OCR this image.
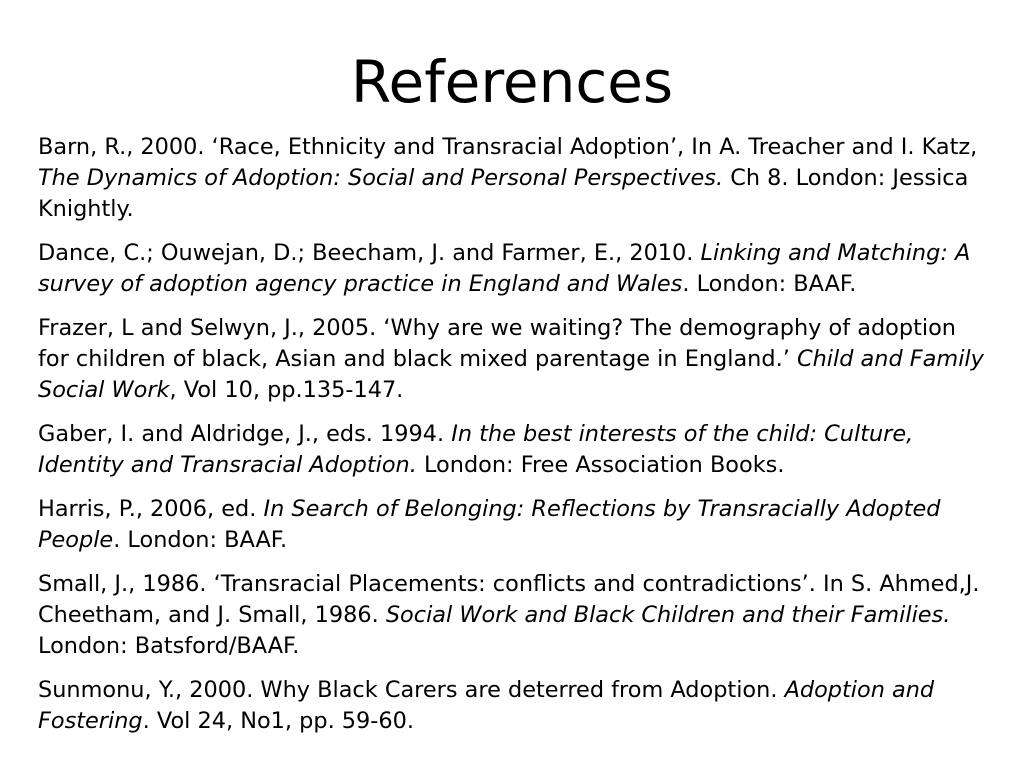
References

Barn, R., 2000. ‘Race, Ethnicity and Transracial Adoption’, In A. Treacher and I. Katz, The Dynamics of Adoption: Social and Personal Perspectives. Ch 8. London: Jessica Knightly.

Dance, C.; Ouwejan, D.; Beecham, J. and Farmer, E., 2010. Linking and Matching: A survey of adoption agency practice in England and Wales. London: BAAF.

Frazer, L and Selwyn, J., 2005. ‘Why are we waiting? The demography of adoption for children of black, Asian and black mixed parentage in England.’ Child and Family Social Work, Vol 10, pp.135-147.

Gaber, I. and Aldridge, J., eds. 1994. In the best interests of the child: Culture, Identity and Transracial Adoption. London: Free Association Books.

Harris, P., 2006, ed. In Search of Belonging: Reflections by Transracially Adopted People. London: BAAF.

Small, J., 1986. ‘Transracial Placements: conflicts and contradictions’. In S. Ahmed,J. Cheetham, and J. Small, 1986. Social Work and Black Children and their Families. London: Batsford/BAAF.

Sunmonu, Y., 2000. Why Black Carers are deterred from Adoption. Adoption and Fostering. Vol 24, No1, pp. 59-60.
